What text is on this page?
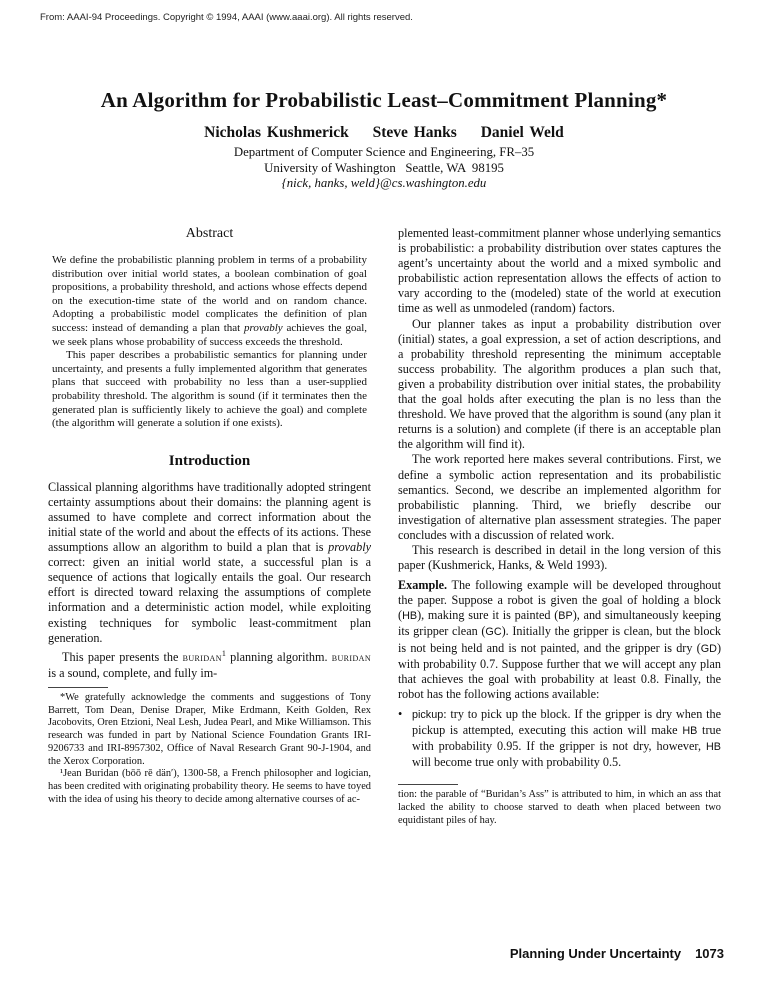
From: AAAI-94 Proceedings. Copyright © 1994, AAAI (www.aaai.org). All rights reserved.
An Algorithm for Probabilistic Least–Commitment Planning*
Nicholas Kushmerick Steve Hanks Daniel Weld
Department of Computer Science and Engineering, FR–35
University of Washington   Seattle, WA  98195
{nick, hanks, weld}@cs.washington.edu
Abstract

We define the probabilistic planning problem in terms of a probability distribution over initial world states, a boolean combination of goal propositions, a probability threshold, and actions whose effects depend on the execution-time state of the world and on random chance. Adopting a probabilistic model complicates the definition of plan success: instead of demanding a plan that provably achieves the goal, we seek plans whose probability of success exceeds the threshold.

This paper describes a probabilistic semantics for planning under uncertainty, and presents a fully implemented algorithm that generates plans that succeed with probability no less than a user-supplied probability threshold. The algorithm is sound (if it terminates then the generated plan is sufficiently likely to achieve the goal) and complete (the algorithm will generate a solution if one exists).

Introduction

Classical planning algorithms have traditionally adopted stringent certainty assumptions about their domains: the planning agent is assumed to have complete and correct information about the initial state of the world and about the effects of its actions. These assumptions allow an algorithm to build a plan that is provably correct: given an initial world state, a successful plan is a sequence of actions that logically entails the goal. Our research effort is directed toward relaxing the assumptions of complete information and a deterministic action model, while exploiting existing techniques for symbolic least-commitment plan generation.

This paper presents the buridan$^1$ planning algorithm. buridan is a sound, complete, and fully im-

*We gratefully acknowledge the comments and suggestions of Tony Barrett, Tom Dean, Denise Draper, Mike Erdmann, Keith Golden, Rex Jacobovits, Oren Etzioni, Neal Lesh, Judea Pearl, and Mike Williamson. This research was funded in part by National Science Foundation Grants IRI-9206733 and IRI-8957302, Office of Naval Research Grant 90-J-1904, and the Xerox Corporation.

¹Jean Buridan (bōō rē dän′), 1300-58, a French philosopher and logician, has been credited with originating probability theory. He seems to have toyed with the idea of using his theory to decide among alternative courses of ac-

plemented least-commitment planner whose underlying semantics is probabilistic: a probability distribution over states captures the agent’s uncertainty about the world and a mixed symbolic and probabilistic action representation allows the effects of action to vary according to the (modeled) state of the world at execution time as well as unmodeled (random) factors.

Our planner takes as input a probability distribution over (initial) states, a goal expression, a set of action descriptions, and a probability threshold representing the minimum acceptable success probability. The algorithm produces a plan such that, given a probability distribution over initial states, the probability that the goal holds after executing the plan is no less than the threshold. We have proved that the algorithm is sound (any plan it returns is a solution) and complete (if there is an acceptable plan the algorithm will find it).

The work reported here makes several contributions. First, we define a symbolic action representation and its probabilistic semantics. Second, we describe an implemented algorithm for probabilistic planning. Third, we briefly describe our investigation of alternative plan assessment strategies. The paper concludes with a discussion of related work.

This research is described in detail in the long version of this paper (Kushmerick, Hanks, & Weld 1993).

Example. The following example will be developed throughout the paper. Suppose a robot is given the goal of holding a block (HB), making sure it is painted (BP), and simultaneously keeping its gripper clean (GC). Initially the gripper is clean, but the block is not being held and is not painted, and the gripper is dry (GD) with probability 0.7. Suppose further that we will accept any plan that achieves the goal with probability at least 0.8. Finally, the robot has the following actions available:

• pickup: try to pick up the block. If the gripper is dry when the pickup is attempted, executing this action will make HB true with probability 0.95. If the gripper is not dry, however, HB will become true only with probability 0.5.

tion: the parable of “Buridan’s Ass” is attributed to him, in which an ass that lacked the ability to choose starved to death when placed between two equidistant piles of hay.

Planning Under Uncertainty 1073
